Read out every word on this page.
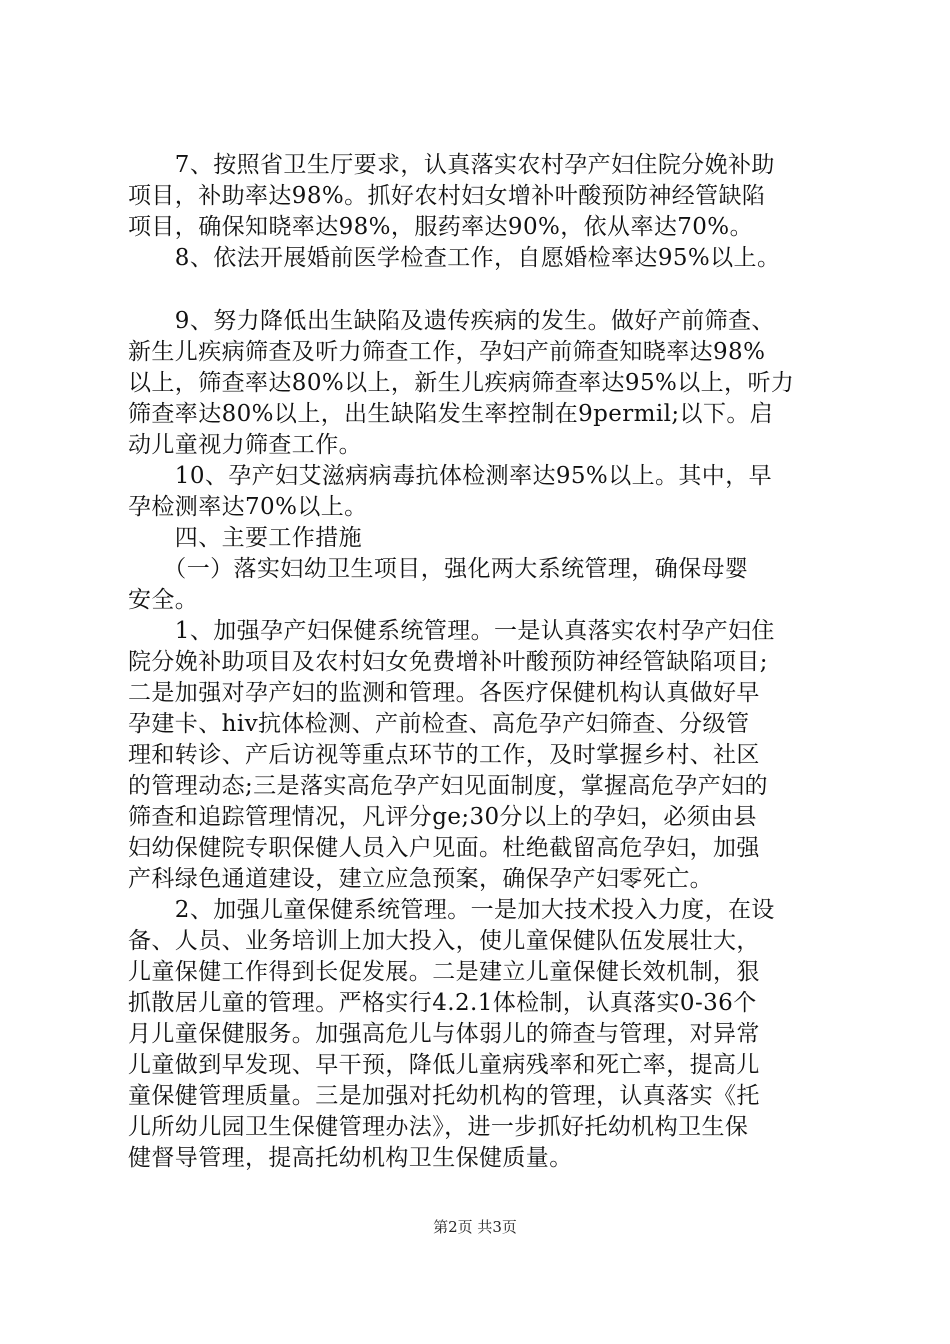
　　7、按照省卫生厅要求，认真落实农村孕产妇住院分娩补助
项目，补助率达98%。抓好农村妇女增补叶酸预防神经管缺陷
项目，确保知晓率达98%，服药率达90%，依从率达70%。
　　8、依法开展婚前医学检查工作，自愿婚检率达95%以上。
　　9、努力降低出生缺陷及遗传疾病的发生。做好产前筛查、
新生儿疾病筛查及听力筛查工作，孕妇产前筛查知晓率达98%
以上，筛查率达80%以上，新生儿疾病筛查率达95%以上，听力
筛查率达80%以上，出生缺陷发生率控制在9permil;以下。启
动儿童视力筛查工作。
　　10、孕产妇艾滋病病毒抗体检测率达95%以上。其中，早
孕检测率达70%以上。
　　四、主要工作措施
　　（一）落实妇幼卫生项目，强化两大系统管理，确保母婴
安全。
　　1、加强孕产妇保健系统管理。一是认真落实农村孕产妇住
院分娩补助项目及农村妇女免费增补叶酸预防神经管缺陷项目;
二是加强对孕产妇的监测和管理。各医疗保健机构认真做好早
孕建卡、hiv抗体检测、产前检查、高危孕产妇筛查、分级管
理和转诊、产后访视等重点环节的工作，及时掌握乡村、社区
的管理动态;三是落实高危孕产妇见面制度，掌握高危孕产妇的
筛查和追踪管理情况，凡评分ge;30分以上的孕妇，必须由县
妇幼保健院专职保健人员入户见面。杜绝截留高危孕妇，加强
产科绿色通道建设，建立应急预案，确保孕产妇零死亡。
　　2、加强儿童保健系统管理。一是加大技术投入力度，在设
备、人员、业务培训上加大投入，使儿童保健队伍发展壮大，
儿童保健工作得到长促发展。二是建立儿童保健长效机制，狠
抓散居儿童的管理。严格实行4.2.1体检制，认真落实0-36个
月儿童保健服务。加强高危儿与体弱儿的筛查与管理，对异常
儿童做到早发现、早干预，降低儿童病残率和死亡率，提高儿
童保健管理质量。三是加强对托幼机构的管理，认真落实《托
儿所幼儿园卫生保健管理办法》，进一步抓好托幼机构卫生保
健督导管理，提高托幼机构卫生保健质量。
第2页 共3页
